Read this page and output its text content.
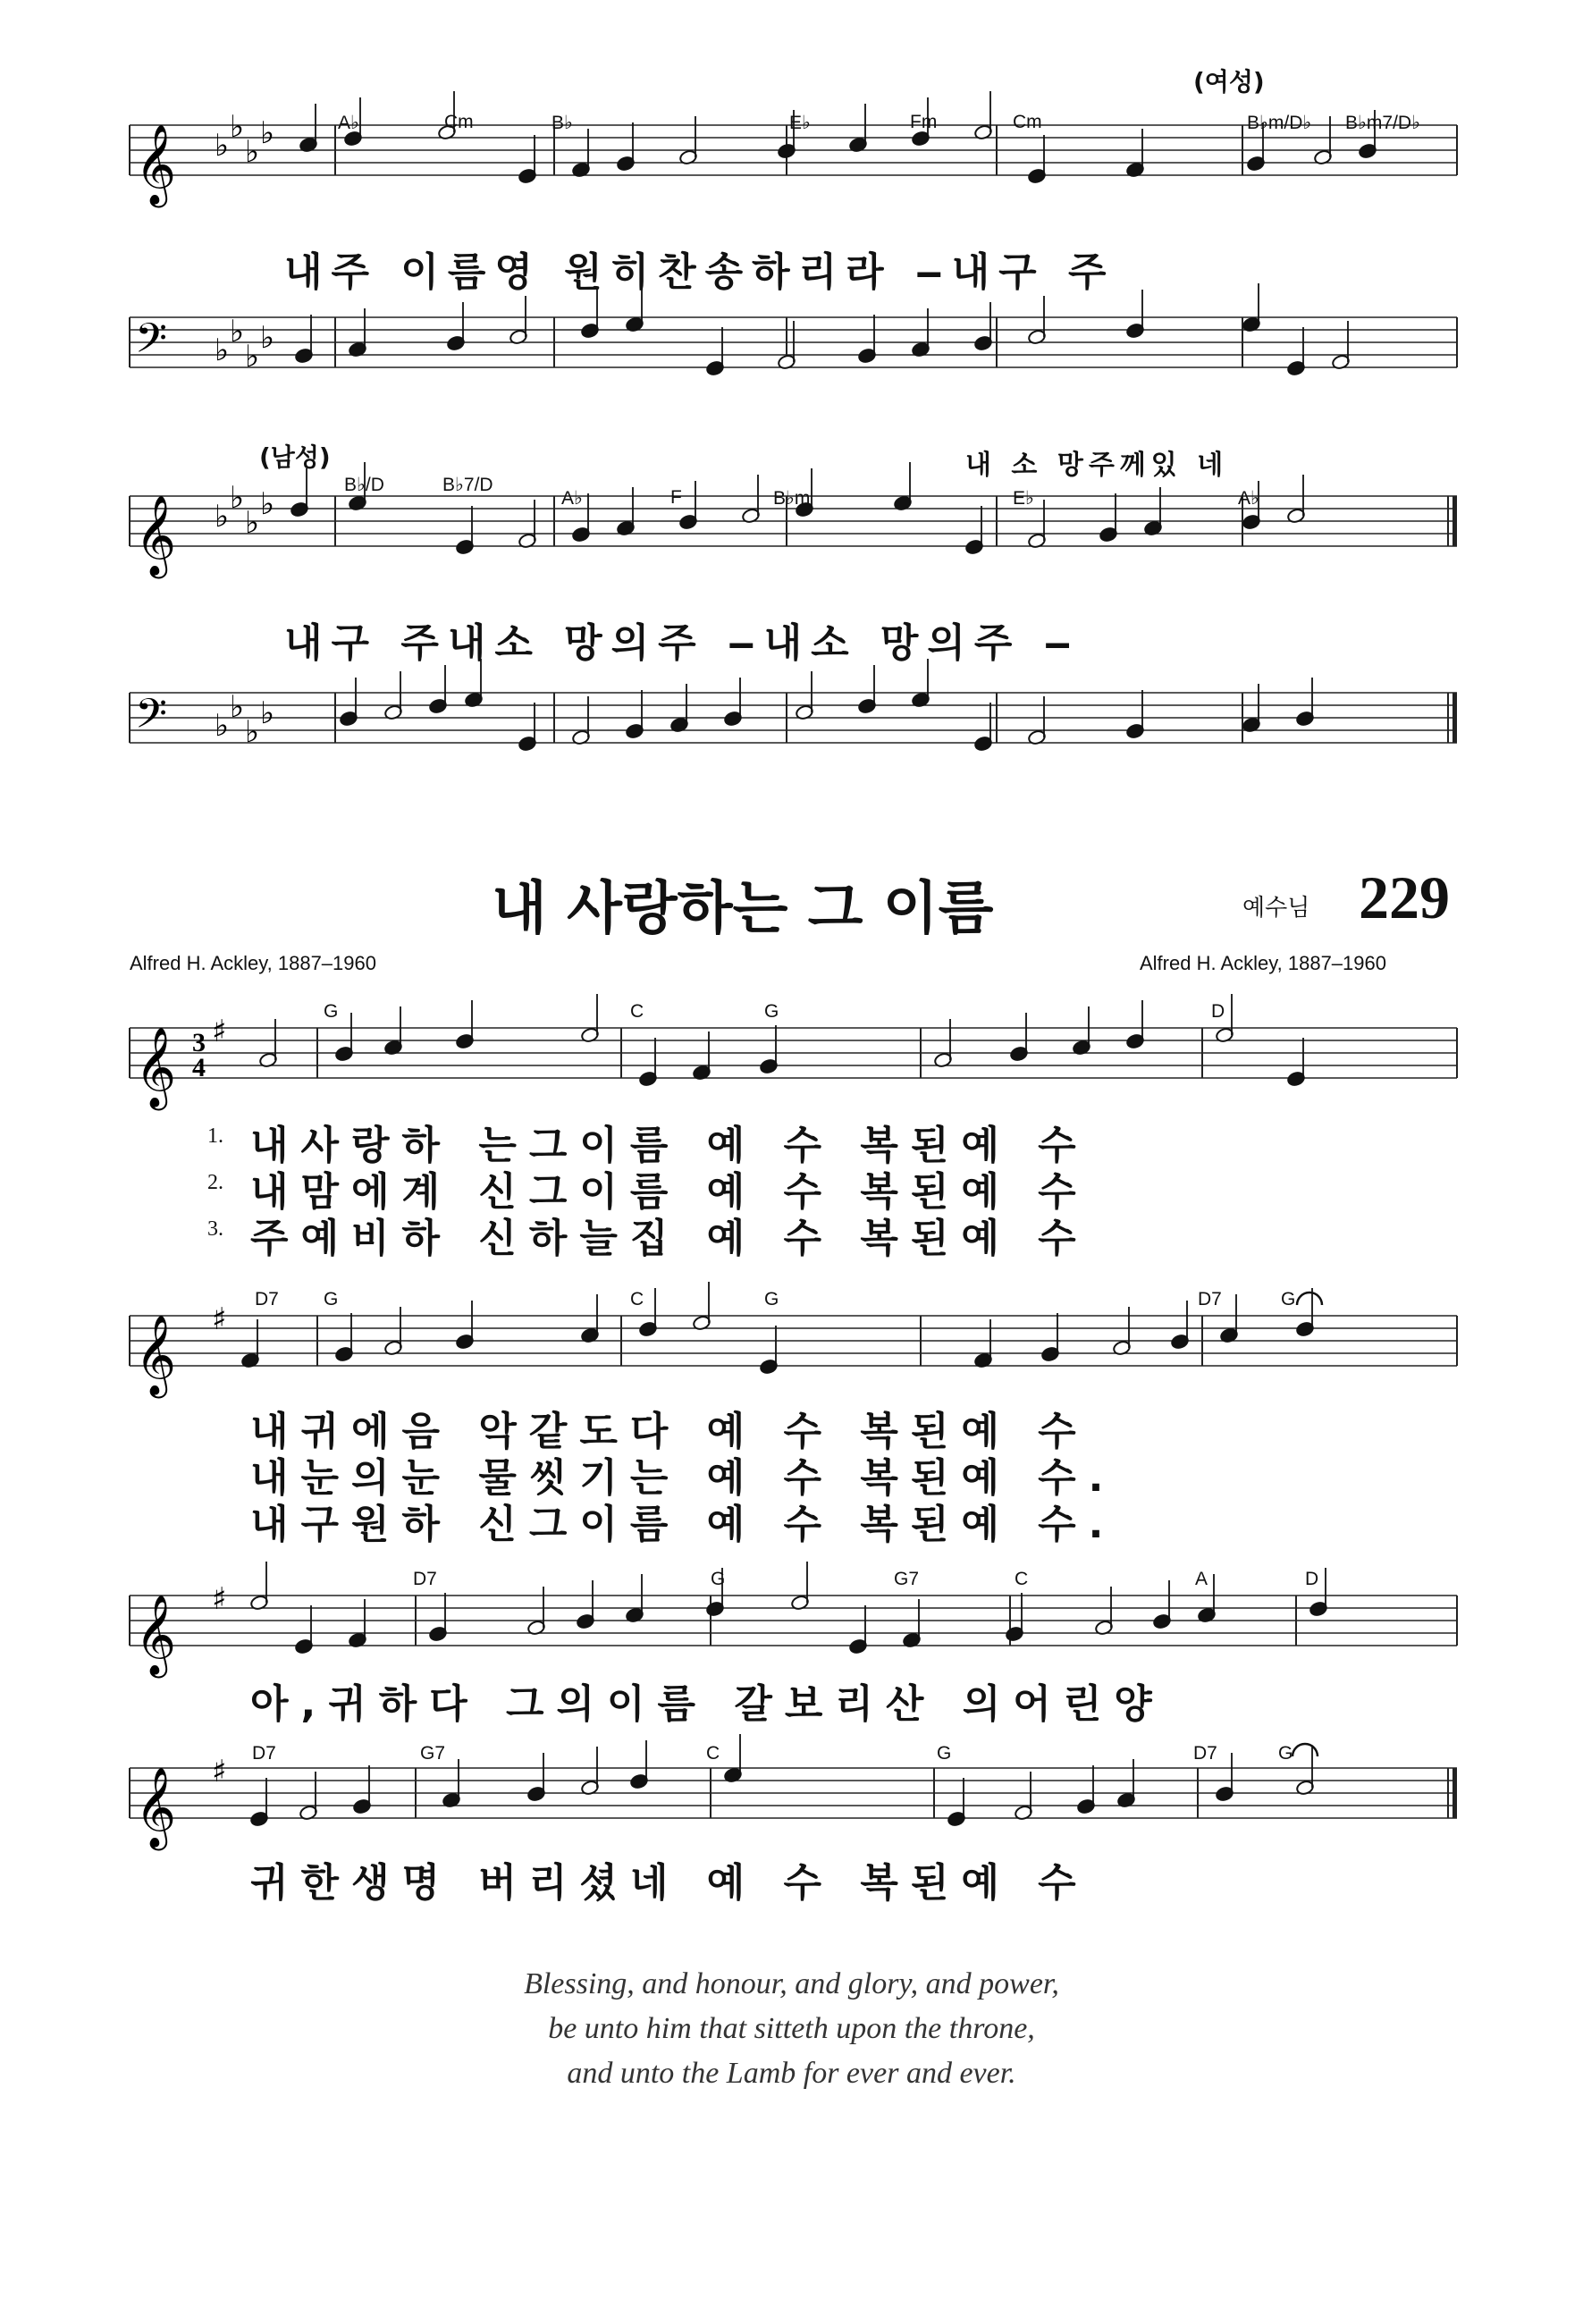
𝄞 ♭
♭
♭
♭
𝄢 ♭
♭
♭
♭
𝄞 ♭
♭
♭
♭
𝄢 ♭
♭
♭
♭
𝄞 ♯
3
4
𝄞 ♯
𝄞 ♯
𝄞 ♯
(여성)
(남성)
A♭	Cm	B♭	E♭	Fm	Cm	B♭m/D♭ B♭m7/D♭
내주 이름영 원히찬송하리라 ‒내구 주
B♭/D	B♭7/D
A♭	F	B♭m	E♭	A♭
내 소 망주께있 네
내구 주내소 망의주 ‒내소 망의주 ‒
내 사랑하는 그 이름	예수님 229
Alfred H. Ackley, 1887–1960	Alfred H. Ackley, 1887–1960
G	C	G	D
1.
2.
3.
내사랑하 는그이름 예 수 복된예 수
내맘에계 신그이름 예 수 복된예 수
주예비하 신하늘집 예 수 복된예 수
D7 G	C	G	D7	G
내귀에음 악같도다 예 수 복된예 수
내눈의눈 물씻기는 예 수 복된예 수.
내구원하 신그이름 예 수 복된예 수.
D7	G	G7	C	A	D
아,귀하다 그의이름 갈보리산 의어린양
D7	G7	C	G	D7	G
귀한생명 버리셨네 예 수 복된예 수
Blessing, and honour, and glory, and power,
be unto him that sitteth upon the throne,
and unto the Lamb for ever and ever.
